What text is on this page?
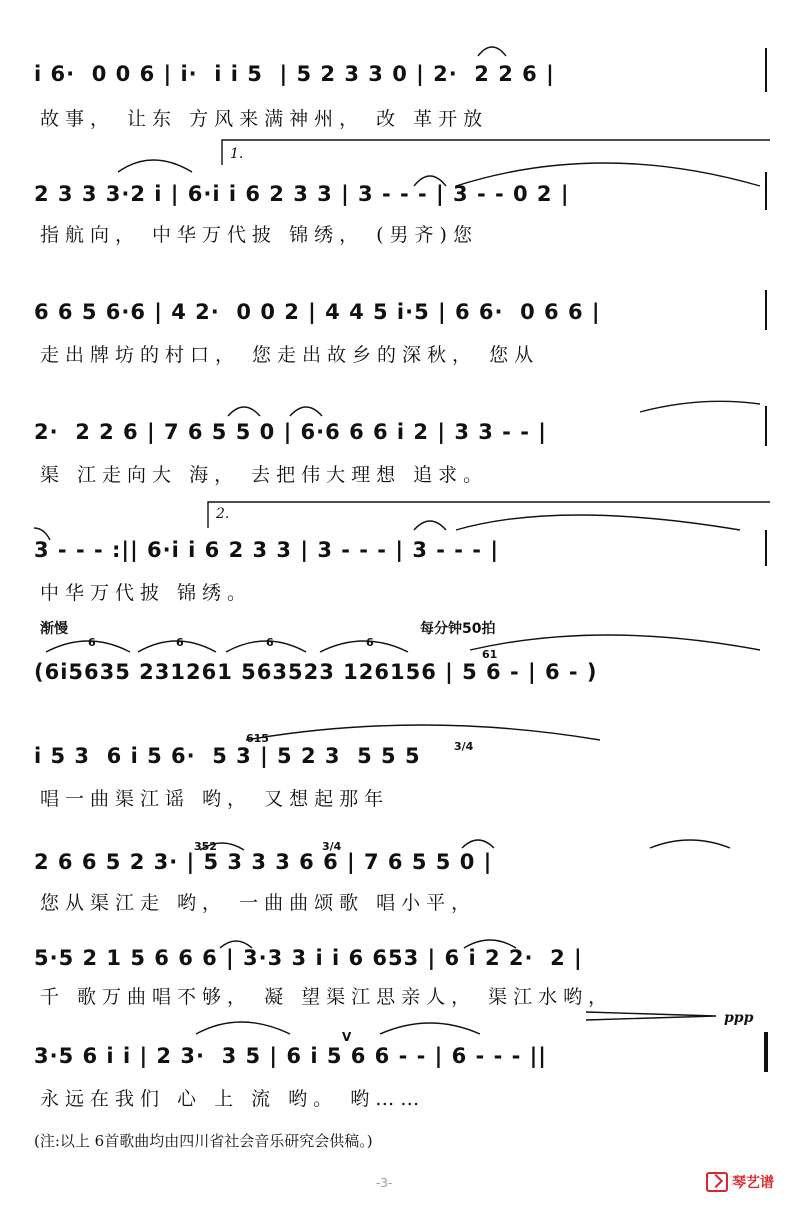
i 6·  0 0 6 | i·  i i 5  | 5 2 3 3 0 | 2·  2 2 6 |
故事， 让东 方风来满神州， 改 革开放
1.
2 3 3 3·2 i | 6·i i 6 2 3 3 | 3 - - - | 3 - - 0 2 |
指航向， 中华万代披 锦绣， (男齐)您
6 6 5 6·6 | 4 2·  0 0 2 | 4 4 5 i·5 | 6 6·  0 6 6 |
走出牌坊的村口， 您走出故乡的深秋， 您从
2·  2 2 6 | 7 6 5 5 0 | 6·6 6 6 i 2 | 3 3 - - |
渠 江走向大 海， 去把伟大理想 追求。
2.
3 - - - :|| 6·i i 6 2 3 3 | 3 - - - | 3 - - - |
中华万代披 锦绣。
渐慢	每分钟50拍
6	6	6	6
61
(6i5635 231261 563523 126156 | 5 6 - | 6 - )
615
3/4
i 5 3  6 i 5 6·  5 3 | 5 2 3  5 5 5
唱一曲渠江谣 哟， 又想起那年
352	3/4
2 6 6 5 2 3· | 5 3 3 3 6 6 | 7 6 5 5 0 |
您从渠江走 哟， 一曲曲颂歌 唱小平，
5·5 2 1 5 6 6 6 | 3·3 3 i i 6 653 | 6 i 2 2·  2 |
千 歌万曲唱不够， 凝 望渠江思亲人， 渠江水哟，
ppp
V
3·5 6 i i | 2 3·  3 5 | 6 i 5 6 6 - - | 6 - - - ||
永远在我们 心 上 流 哟。 哟……
(注:以上 6首歌曲均由四川省社会音乐研究会供稿。)
-3-	琴艺谱
